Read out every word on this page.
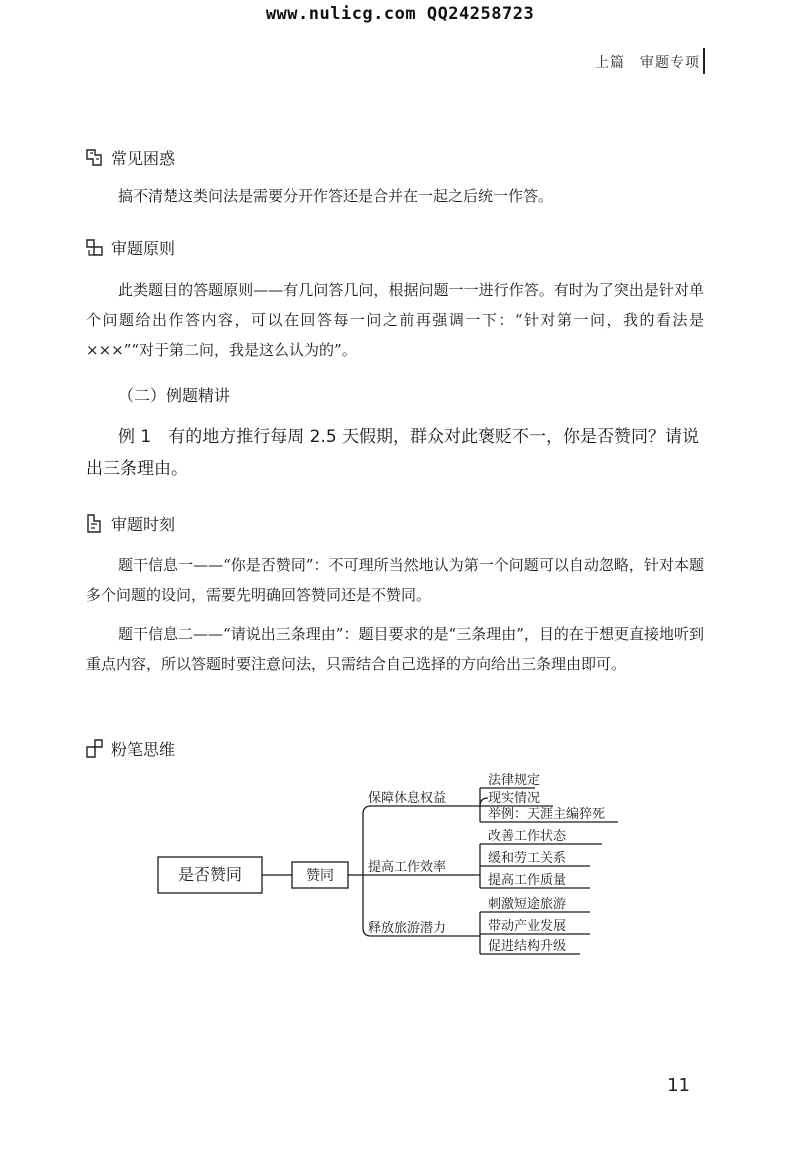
www.nulicg.com QQ24258723
上篇　审题专项
常见困惑

搞不清楚这类问法是需要分开作答还是合并在一起之后统一作答。

审题原则

此类题目的答题原则——有几问答几问，根据问题一一进行作答。有时为了突出是针对单个问题给出作答内容，可以在回答每一问之前再强调一下：“针对第一问，我的看法是 ×××”“对于第二问，我是这么认为的”。

（二）例题精讲

例 1　有的地方推行每周 2.5 天假期，群众对此褒贬不一，你是否赞同？请说出三条理由。

审题时刻

题干信息一——“你是否赞同”：不可理所当然地认为第一个问题可以自动忽略，针对本题多个问题的设问，需要先明确回答赞同还是不赞同。

题干信息二——“请说出三条理由”：题目要求的是“三条理由”，目的在于想更直接地听到重点内容，所以答题时要注意问法，只需结合自己选择的方向给出三条理由即可。

粉笔思维
是否赞同	赞同
保障休息权益
提高工作效率
释放旅游潜力
法律规定
现实情况
举例：天涯主编猝死
改善工作状态
缓和劳工关系
提高工作质量
刺激短途旅游
带动产业发展
促进结构升级
11
